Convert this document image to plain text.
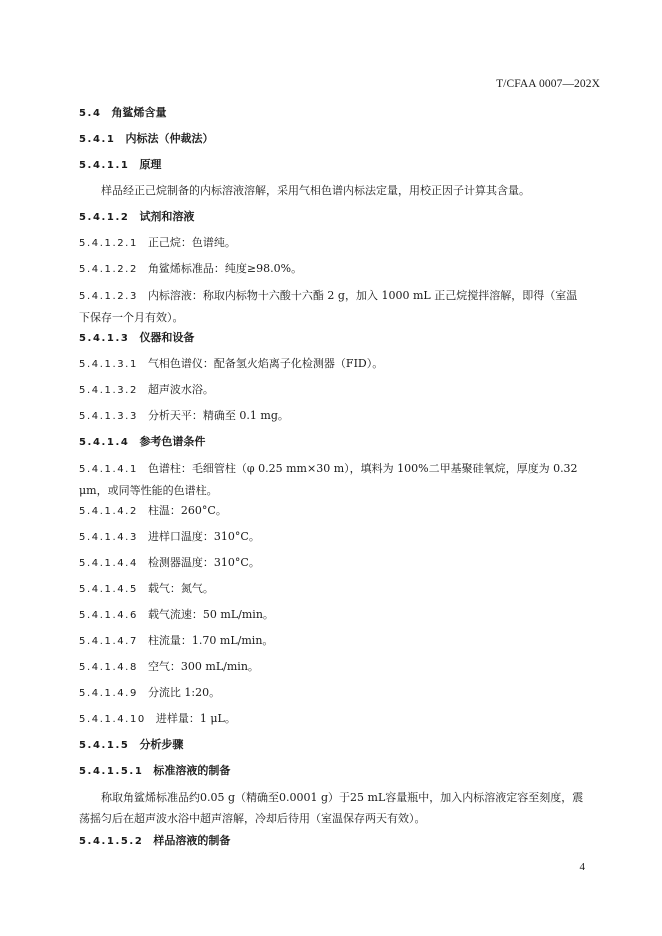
T/CFAA 0007—202X
5.4 角鲨烯含量
5.4.1 内标法（仲裁法）
5.4.1.1 原理
样品经正己烷制备的内标溶液溶解，采用气相色谱内标法定量，用校正因子计算其含量。
5.4.1.2 试剂和溶液
5.4.1.2.1 正己烷：色谱纯。
5.4.1.2.2 角鲨烯标准品：纯度≥98.0%。
5.4.1.2.3 内标溶液：称取内标物十六酸十六酯 2 g，加入 1000 mL 正己烷搅拌溶解，即得（室温下保存一个月有效）。
5.4.1.3 仪器和设备
5.4.1.3.1 气相色谱仪：配备氢火焰离子化检测器（FID）。
5.4.1.3.2 超声波水浴。
5.4.1.3.3 分析天平：精确至 0.1 mg。
5.4.1.4 参考色谱条件
5.4.1.4.1 色谱柱：毛细管柱（φ 0.25 mm×30 m），填料为 100%二甲基聚硅氧烷，厚度为 0.32 μm，或同等性能的色谱柱。
5.4.1.4.2 柱温：260°C。
5.4.1.4.3 进样口温度：310°C。
5.4.1.4.4 检测器温度：310°C。
5.4.1.4.5 载气：氮气。
5.4.1.4.6 载气流速：50 mL/min。
5.4.1.4.7 柱流量：1.70 mL/min。
5.4.1.4.8 空气：300 mL/min。
5.4.1.4.9 分流比 1:20。
5.4.1.4.10 进样量：1 μL。
5.4.1.5 分析步骤
5.4.1.5.1 标准溶液的制备
称取角鲨烯标准品约0.05 g（精确至0.0001 g）于25 mL容量瓶中，加入内标溶液定容至刻度，震荡摇匀后在超声波水浴中超声溶解，冷却后待用（室温保存两天有效）。
5.4.1.5.2 样品溶液的制备
4
